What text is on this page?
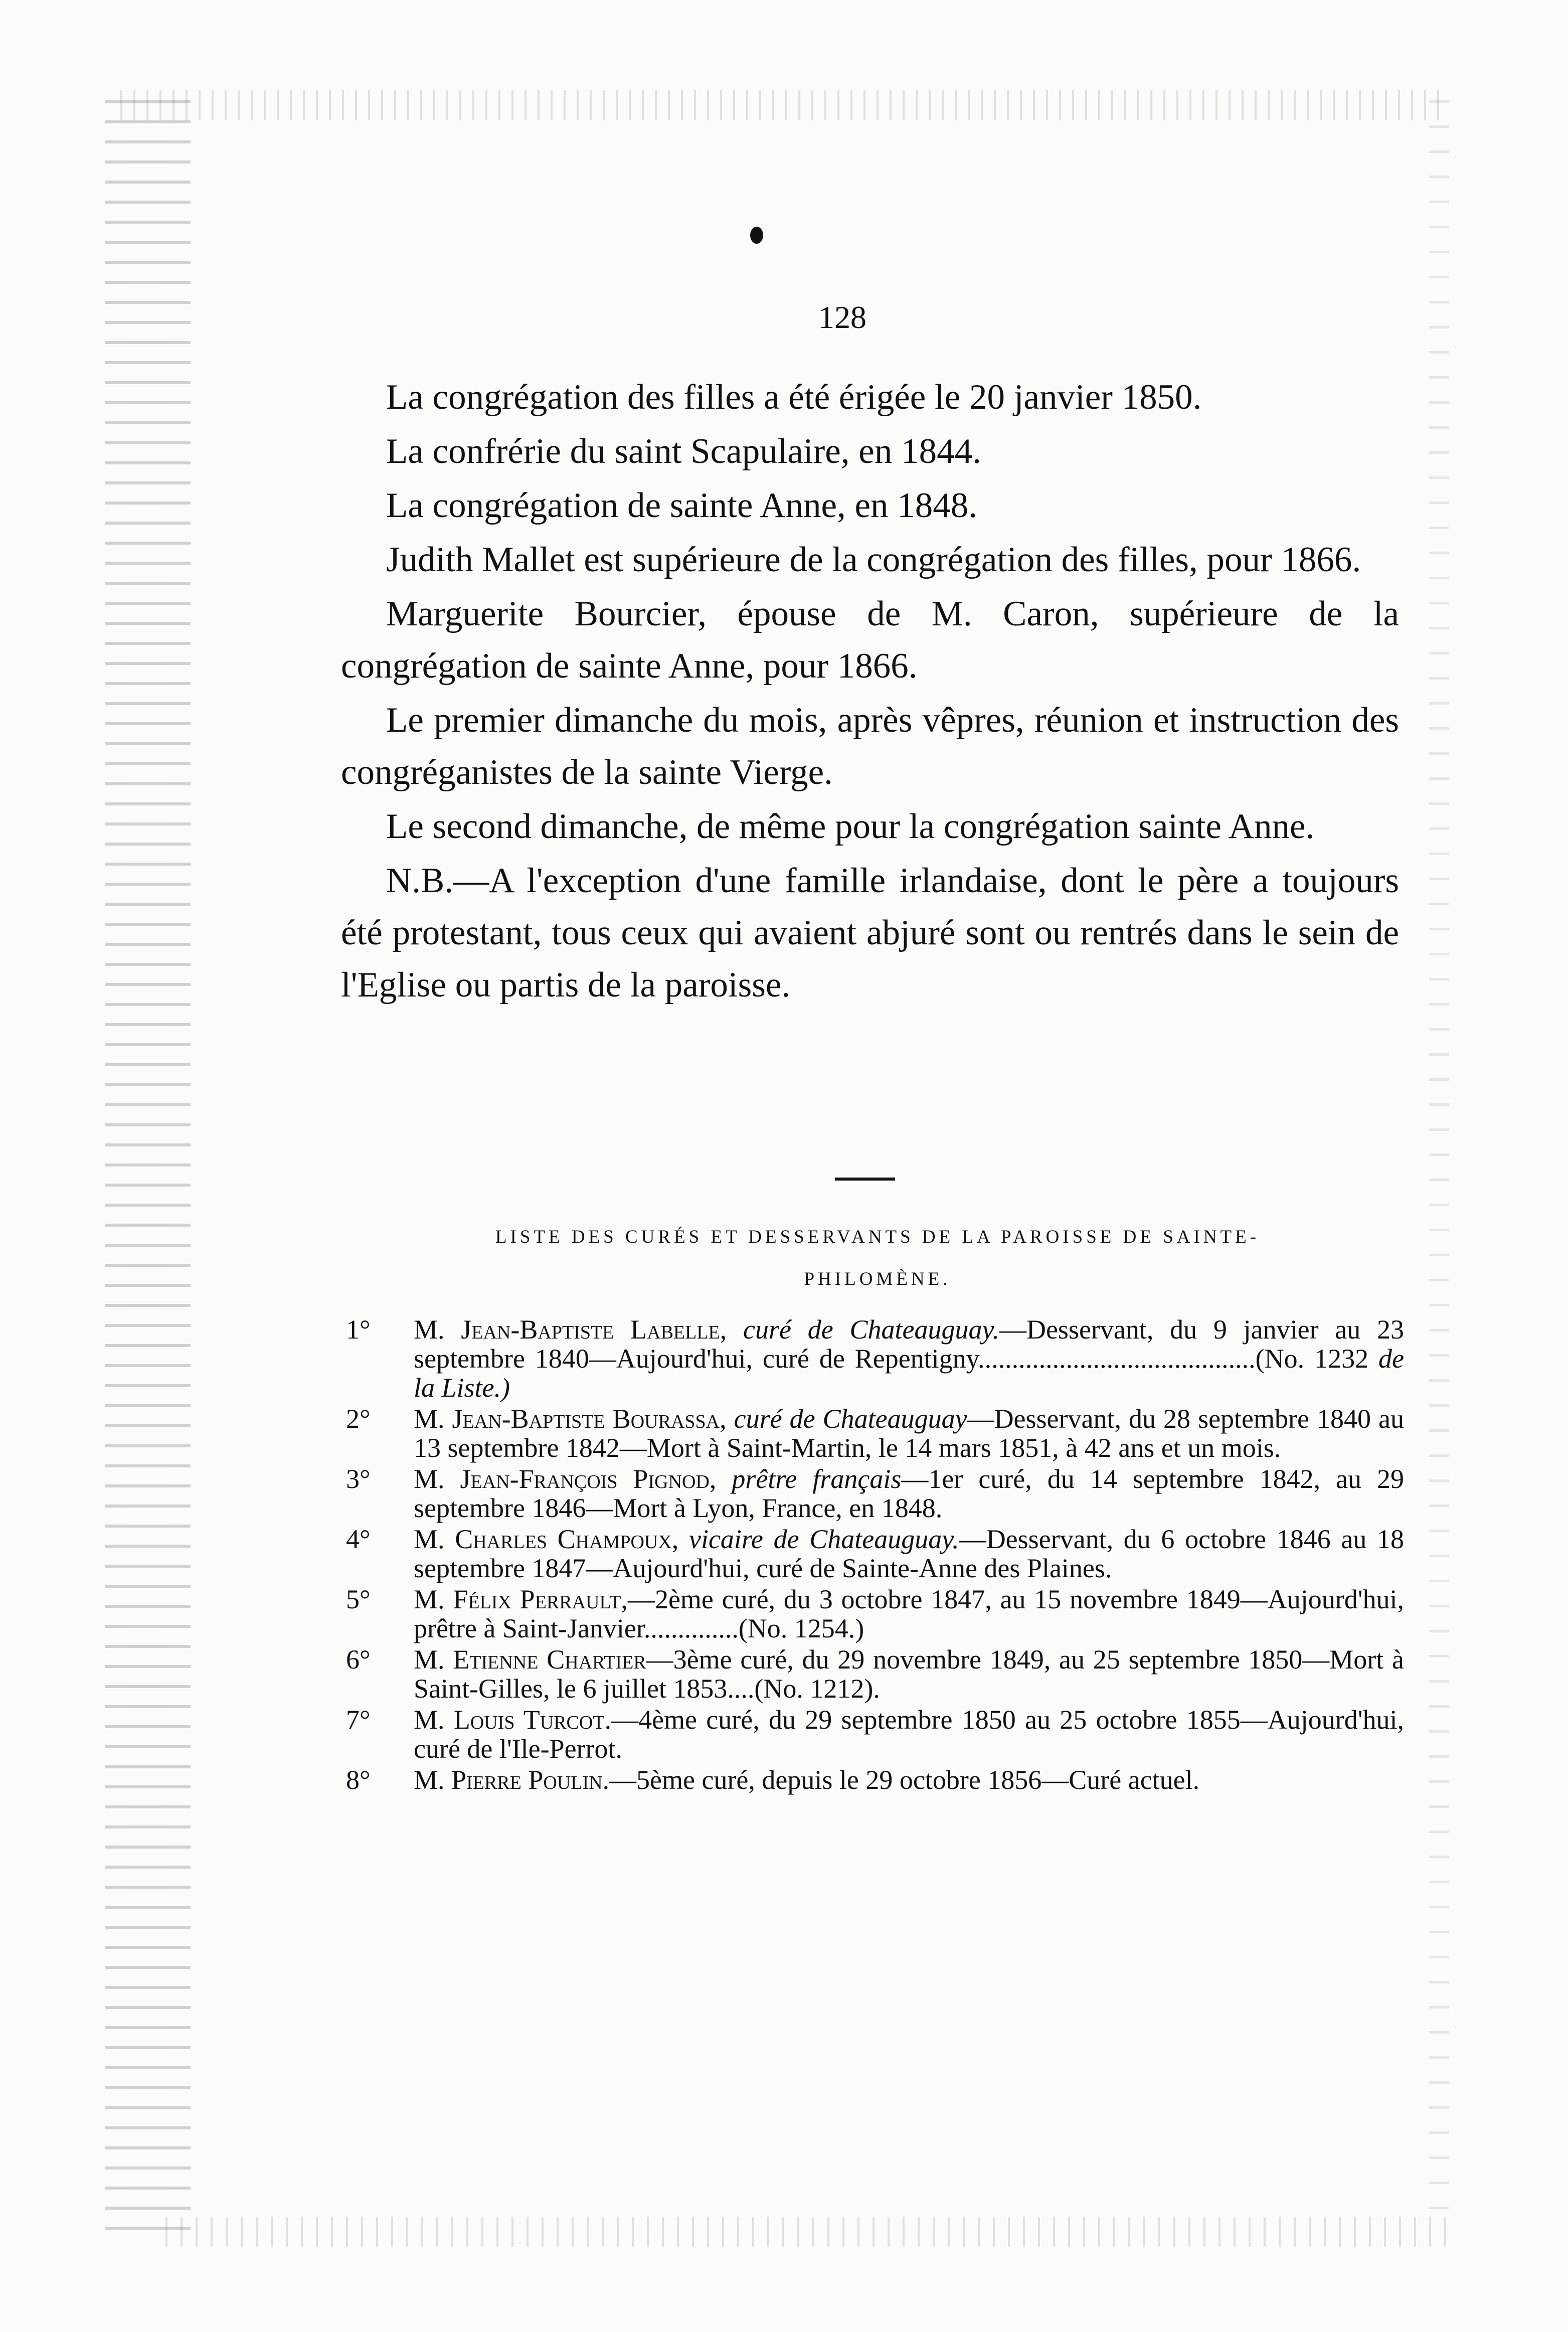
128

La congrégation des filles a été érigée le 20 janvier 1850.

La confrérie du saint Scapulaire, en 1844.

La congrégation de sainte Anne, en 1848.

Judith Mallet est supérieure de la congrégation des filles, pour 1866.

Marguerite Bourcier, épouse de M. Caron, supérieure de la congrégation de sainte Anne, pour 1866.

Le premier dimanche du mois, après vêpres, réunion et instruction des congréganistes de la sainte Vierge.

Le second dimanche, de même pour la congrégation sainte Anne.

N.B.—A l'exception d'une famille irlandaise, dont le père a toujours été protestant, tous ceux qui avaient abjuré sont ou rentrés dans le sein de l'Eglise ou partis de la paroisse.

LISTE DES CURÉS ET DESSERVANTS DE LA PAROISSE DE SAINTE-
PHILOMÈNE.
1° M. Jean-Baptiste Labelle, curé de Chateauguay.—Desservant, du 9 janvier au 23 septembre 1840—Aujourd'hui, curé de Repentigny.........................................(No. 1232 de la Liste.)
2° M. Jean-Baptiste Bourassa, curé de Chateauguay—Desservant, du 28 septembre 1840 au 13 septembre 1842—Mort à Saint-Martin, le 14 mars 1851, à 42 ans et un mois.
3° M. Jean-François Pignod, prêtre français—1er curé, du 14 septembre 1842, au 29 septembre 1846—Mort à Lyon, France, en 1848.
4° M. Charles Champoux, vicaire de Chateauguay.—Desservant, du 6 octobre 1846 au 18 septembre 1847—Aujourd'hui, curé de Sainte-Anne des Plaines.
5° M. Félix Perrault,—2ème curé, du 3 octobre 1847, au 15 novembre 1849—Aujourd'hui, prêtre à Saint-Janvier..............(No. 1254.)
6° M. Etienne Chartier—3ème curé, du 29 novembre 1849, au 25 septembre 1850—Mort à Saint-Gilles, le 6 juillet 1853....(No. 1212).
7° M. Louis Turcot.—4ème curé, du 29 septembre 1850 au 25 octobre 1855—Aujourd'hui, curé de l'Ile-Perrot.
8° M. Pierre Poulin.—5ème curé, depuis le 29 octobre 1856—Curé actuel.
